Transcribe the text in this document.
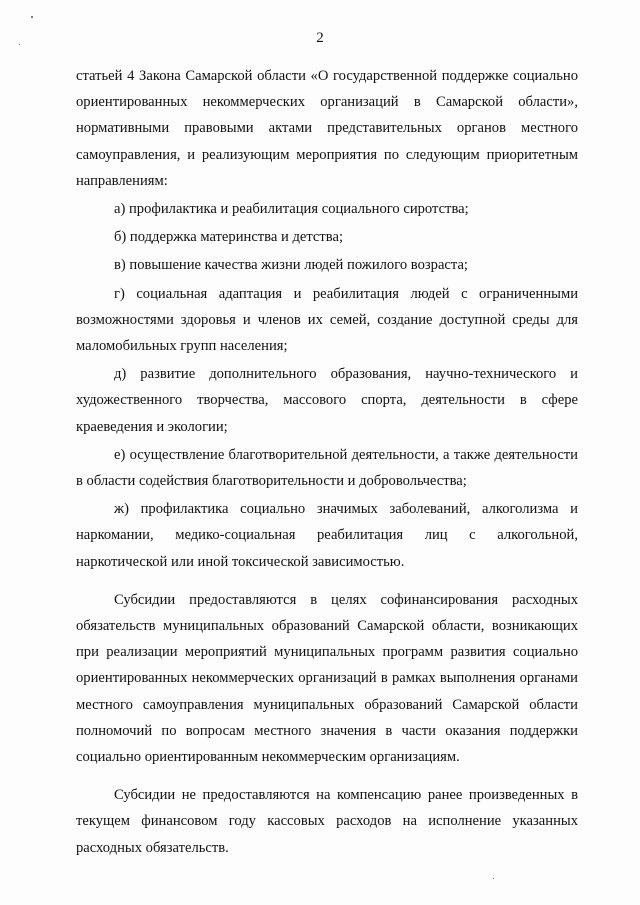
2

статьей 4 Закона Самарской области «О государственной поддержке социально ориентированных некоммерческих организаций в Самарской области», нормативными правовыми актами представительных органов местного самоуправления, и реализующим мероприятия по следующим приоритетным направлениям:

а) профилактика и реабилитация социального сиротства;

б) поддержка материнства и детства;

в) повышение качества жизни людей пожилого возраста;

г) социальная адаптация и реабилитация людей с ограниченными возможностями здоровья и членов их семей, создание доступной среды для маломобильных групп населения;

д) развитие дополнительного образования, научно-технического и художественного творчества, массового спорта, деятельности в сфере краеведения и экологии;

е) осуществление благотворительной деятельности, а также деятельности в области содействия благотворительности и добровольчества;

ж) профилактика социально значимых заболеваний, алкоголизма и наркомании, медико-социальная реабилитация лиц с алкогольной, наркотической или иной токсической зависимостью.

Субсидии предоставляются в целях софинансирования расходных обязательств муниципальных образований Самарской области, возникающих при реализации мероприятий муниципальных программ развития социально ориентированных некоммерческих организаций в рамках выполнения органами местного самоуправления муниципальных образований Самарской области полномочий по вопросам местного значения в части оказания поддержки социально ориентированным некоммерческим организациям.

Субсидии не предоставляются на компенсацию ранее произведенных в текущем финансовом году кассовых расходов на исполнение указанных расходных обязательств.
